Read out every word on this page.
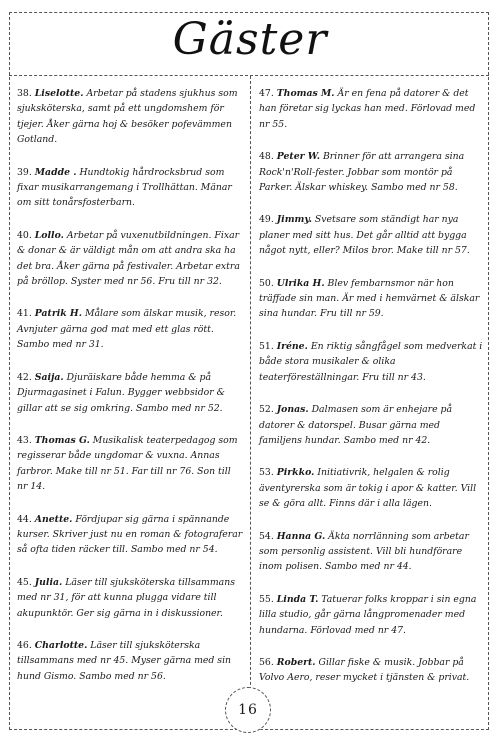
Gäster

38. Liselotte. Arbetar på stadens sjukhus som sjuksköterska, samt på ett ungdomshem för tjejer. Åker gärna hoj & besöker pofevämmen Gotland.

39. Madde . Hundtokig hårdrocksbrud som fixar musikarrangemang i Trollhättan. Mänar om sitt tonårsfosterbarn.

40. Lollo. Arbetar på vuxenutbildningen. Fixar & donar & är väldigt mån om att andra ska ha det bra. Åker gärna på festivaler. Arbetar extra på bröllop. Syster med nr 56. Fru till nr 32.

41. Patrik H. Målare som älskar musik, resor. Avnjuter gärna god mat med ett glas rött. Sambo med nr 31.

42. Saija. Djuräiskare både hemma & på Djurmagasinet i Falun. Bygger webbsidor & gillar att se sig omkring. Sambo med nr 52.

43. Thomas G. Musikalisk teaterpedagog som regisserar både ungdomar & vuxna. Annas farbror. Make till nr 51. Far till nr 76. Son till nr 14.

44. Anette. Fördjupar sig gärna i spännande kurser. Skriver just nu en roman & fotograferar så ofta tiden räcker till. Sambo med nr 54.

45. Julia. Läser till sjuksköterska tillsammans med nr 31, för att kunna plugga vidare till akupunktör. Ger sig gärna in i diskussioner.

46. Charlotte. Läser till sjuksköterska tillsammans med nr 45. Myser gärna med sin hund Gismo. Sambo med nr 56.

47. Thomas M. Är en fena på datorer & det han företar sig lyckas han med. Förlovad med nr 55.

48. Peter W. Brinner för att arrangera sina Rock'n'Roll-fester. Jobbar som montör på Parker. Älskar whiskey. Sambo med nr 58.

49. Jimmy. Svetsare som ständigt har nya planer med sitt hus. Det går alltid att bygga något nytt, eller? Milos bror. Make till nr 57.

50. Ulrika H. Blev fembarnsmor när hon träffade sin man. Är med i hemvärnet & älskar sina hundar. Fru till nr 59.

51. Iréne. En riktig sångfågel som medverkat i både stora musikaler & olika teaterföreställningar. Fru till nr 43.

52. Jonas. Dalmasen som är enhejare på datorer & datorspel. Busar gärna med familjens hundar. Sambo med nr 42.

53. Pirkko. Initiativrik, helgalen & rolig äventyrerska som är tokig i apor & katter. Vill se & göra allt. Finns där i alla lägen.

54. Hanna G. Äkta norrlänning som arbetar som personlig assistent. Vill bli hundförare inom polisen. Sambo med nr 44.

55. Linda T. Tatuerar folks kroppar i sin egna lilla studio, går gärna långpromenader med hundarna. Förlovad med nr 47.

56. Robert. Gillar fiske & musik. Jobbar på Volvo Aero, reser mycket i tjänsten & privat.

16
